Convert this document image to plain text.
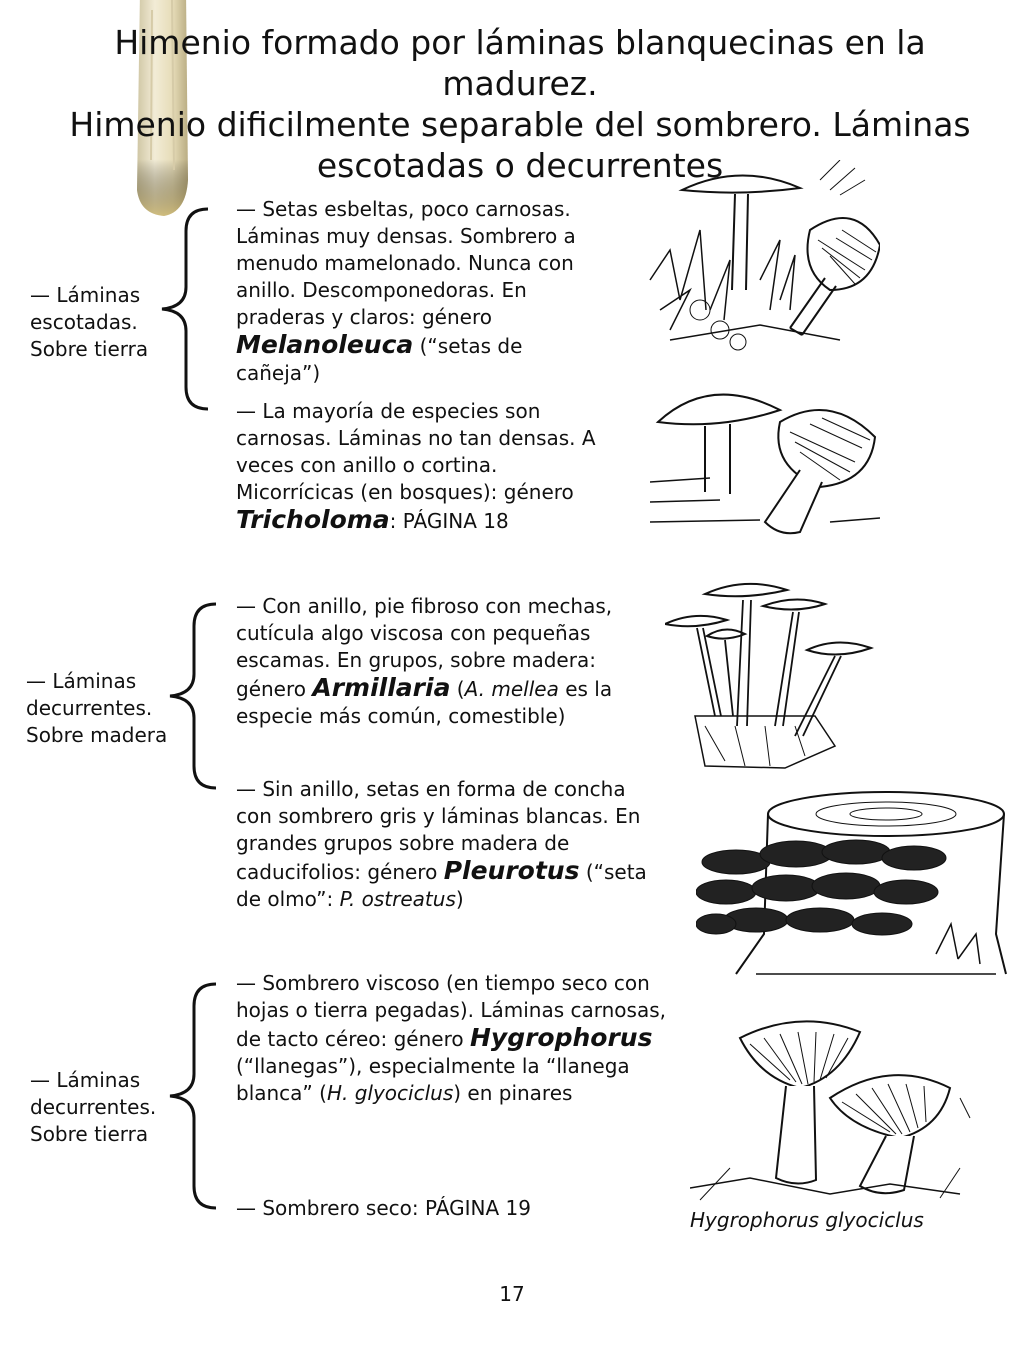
Himenio formado por láminas blanquecinas en la madurez.
Himenio dificilmente separable del sombrero. Láminas
escotadas o decurrentes
— Láminas
escotadas.
Sobre tierra
— Setas esbeltas, poco carnosas. Láminas muy densas. Sombrero a menudo mamelonado. Nunca con anillo. Descomponedoras. En praderas y claros: género Melanoleuca (“setas de cañeja”)
— La mayoría de especies son carnosas. Láminas no tan densas. A veces con anillo o cortina. Micorrícicas (en bosques): género Tricholoma: PÁGINA 18
— Láminas
decurrentes.
Sobre madera
— Con anillo, pie fibroso con mechas, cutícula algo viscosa con pequeñas escamas. En grupos, sobre madera: género Armillaria (A. mellea es la especie más común, comestible)
— Sin anillo, setas en forma de concha con sombrero gris y láminas blancas. En grandes grupos sobre madera de caducifolios: género Pleurotus (“seta de olmo”: P. ostreatus)
— Láminas
decurrentes.
Sobre tierra
— Sombrero viscoso (en tiempo seco con hojas o tierra pegadas). Láminas carnosas, de tacto céreo: género Hygrophorus (“llanegas”), especialmente la “llanega blanca” (H. glyociclus) en pinares
— Sombrero seco: PÁGINA 19	Hygrophorus glyociclus
17
